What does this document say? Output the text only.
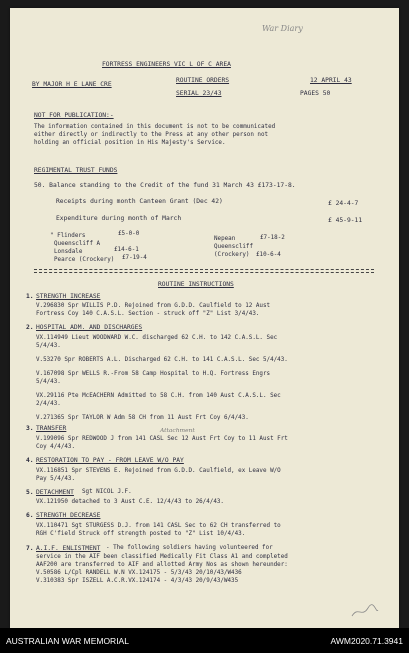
War Diary
FORTRESS ENGINEERS VIC L OF C AREA
BY MAJOR H E LANE CRE
ROUTINE ORDERS	12 APRIL 43
SERIAL 23/43	PAGES 50
NOT FOR PUBLICATION:-
The information contained in this document is not to be communicated
either directly or indirectly to the Press at any other person not
holding an official position in His Majesty's Service.
REGIMENTAL TRUST FUNDS
50. Balance standing to the Credit of the fund 31 March 43 £173-17-8.
Receipts during month Canteen Grant (Dec 42)	£ 24-4-7
Expenditure during month of March	£ 45-9-11
" Flinders	£5-0-0
Queenscliff A
Lonsdale	£14-6-1
Pearce (Crockery) £7-19-4
Nepean	£7-18-2
Queenscliff
(Crockery) £10-6-4
ROUTINE INSTRUCTIONS
1. STRENGTH INCREASE
V.296830 Spr WILLIS P.D. Rejoined from G.D.D. Caulfield to 12 Aust
Fortress Coy 140 C.A.S.L. Section - struck off "Z" List 3/4/43.
2. HOSPITAL ADM. AND DISCHARGES
VX.114949 Lieut WOODWARD W.C. discharged 62 C.H. to 142 C.A.S.L. Sec
5/4/43.
V.53270 Spr ROBERTS A.L. Discharged 62 C.H. to 141 C.A.S.L. Sec 5/4/43.
V.167098 Spr WELLS R.-From 58 Camp Hospital to H.Q. Fortress Engrs
5/4/43.
VX.29116 Pte McEACHERN Admitted to 58 C.H. from 140 Aust C.A.S.L. Sec
2/4/43.
V.271365 Spr TAYLOR W Adm 58 CH from 11 Aust Frt Coy 6/4/43.
3. TRANSFER	Attachment
V.199096 Spr REDWOOD J from 141 CASL Sec 12 Aust Frt Coy to 11 Aust Frt
Coy 4/4/43.
4. RESTORATION TO PAY - FROM LEAVE W/O PAY
VX.116851 Spr STEVENS E. Rejoined from G.D.D. Caulfield, ex Leave W/O
Pay 5/4/43.
5. DETACHMENT Sgt NICOL J.F.
VX.121950 detached to 3 Aust C.E. 12/4/43 to 26/4/43.
6. STRENGTH DECREASE
VX.110471 Sgt STURGESS D.J. from 141 CASL Sec to 62 CH transferred to
RGH C'field Struck off strength posted to "Z" List 10/4/43.
7. A.I.F. ENLISTMENT - The following soldiers having volunteered for
service in the AIF been classified Medically Fit Class A1 and completed
AAF200 are transferred to AIF and allotted Army Nos as shown hereunder:
V.50586 L/Cpl RANDELL W.N VX.124175 - 5/3/43 20/10/43/W436
V.310383 Spr ISZELL A.C.R.VX.124174 - 4/3/43 20/9/43/W435
AUSTRALIAN WAR MEMORIAL	AWM2020.71.3941
